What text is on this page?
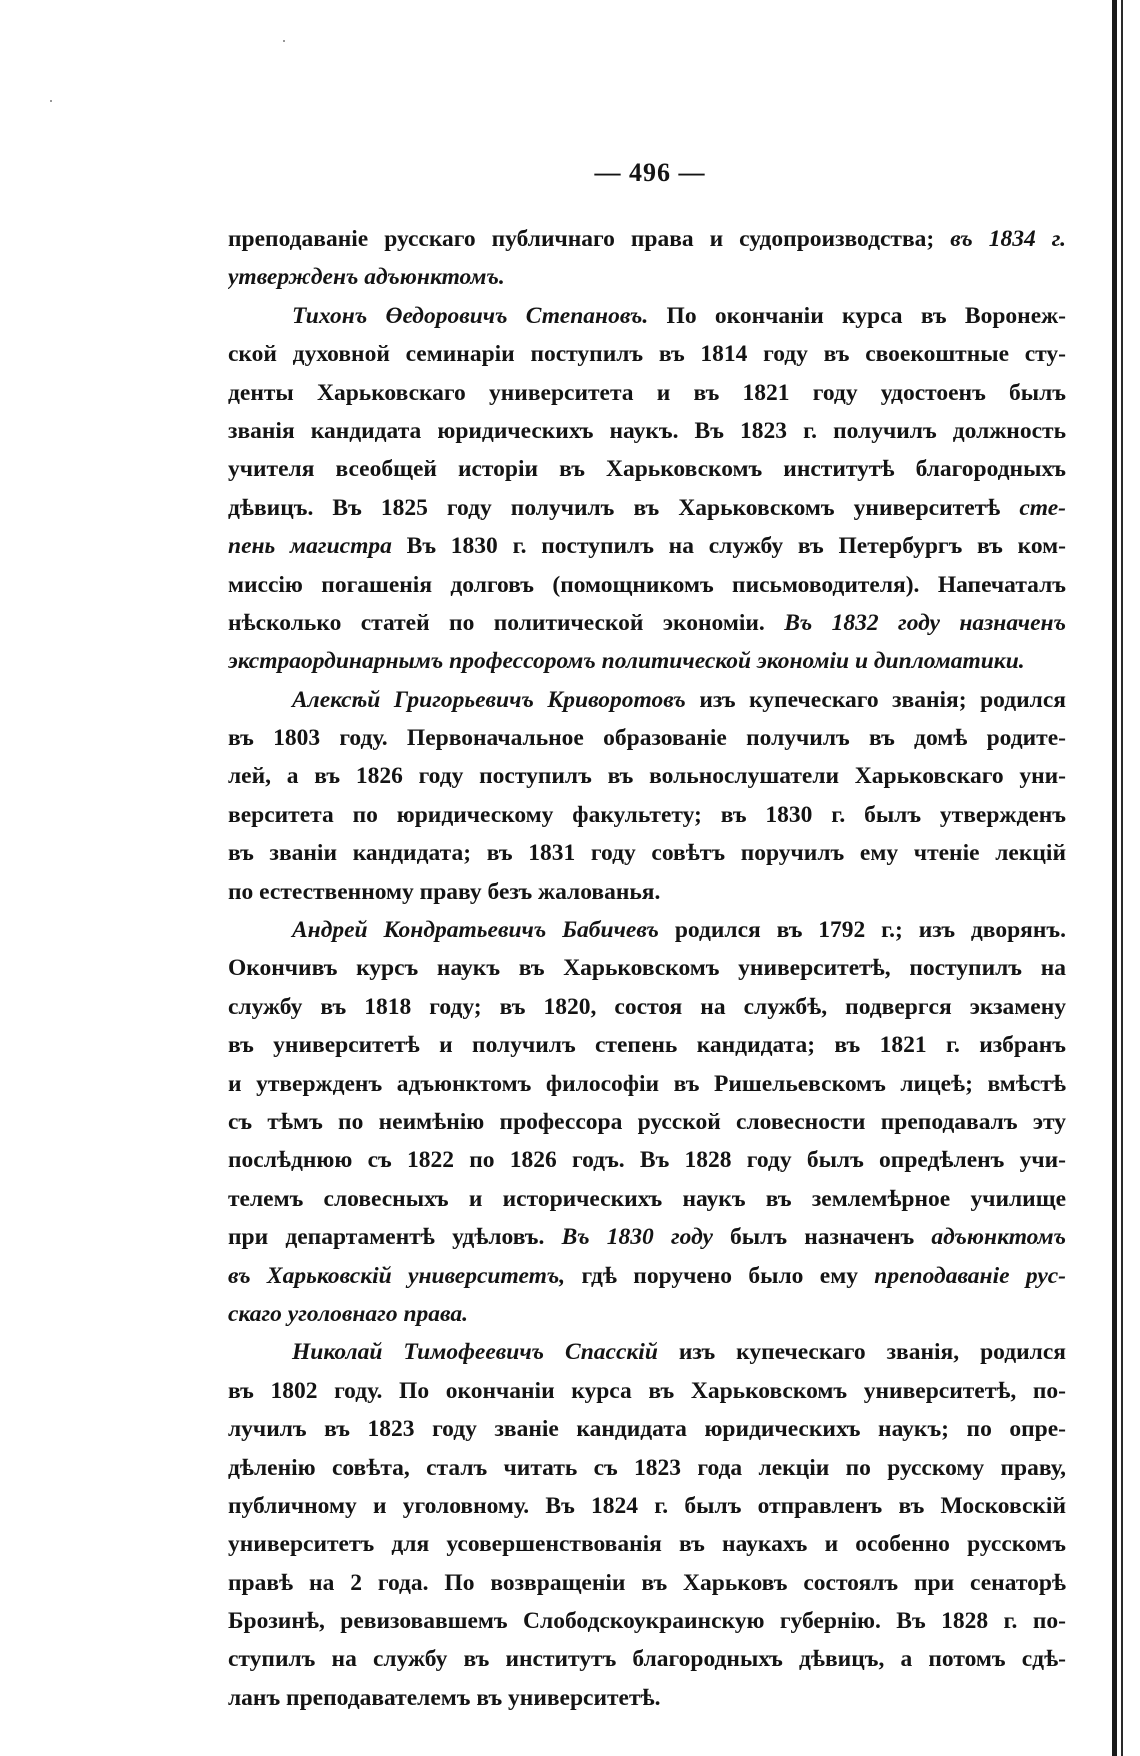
— 496 —
преподаванiе русскаго публичнаго права и судопроизводства; въ 1834 г.
утвержденъ адъюнктомъ.
Тихонъ Өедоровичъ Степановъ. По окончанiи курса въ Воронеж-
ской духовной семинарiи поступилъ въ 1814 году въ своекоштные сту-
денты Харьковскаго университета и въ 1821 году удостоенъ былъ
званiя кандидата юридическихъ наукъ. Въ 1823 г. получилъ должность
учителя всеобщей исторiи въ Харьковскомъ институтѣ благородныхъ
дѣвицъ. Въ 1825 году получилъ въ Харьковскомъ университетѣ сте-
пень магистра Въ 1830 г. поступилъ на службу въ Петербургъ въ ком-
миссiю погашенiя долговъ (помощникомъ письмоводителя). Напечаталъ
нѣсколько статей по политической экономiи. Въ 1832 году назначенъ
экстраординарнымъ профессоромъ политической экономiи и дипломатики.
Алексѣй Григорьевичъ Криворотовъ изъ купеческаго званiя; родился
въ 1803 году. Первоначальное образованiе получилъ въ домѣ родите-
лей, а въ 1826 году поступилъ въ вольнослушатели Харьковскаго уни-
верситета по юридическому факультету; въ 1830 г. былъ утвержденъ
въ званiи кандидата; въ 1831 году совѣтъ поручилъ ему чтенiе лекцiй
по естественному праву безъ жалованья.
Андрей Кондратьевичъ Бабичевъ родился въ 1792 г.; изъ дворянъ.
Окончивъ курсъ наукъ въ Харьковскомъ университетѣ, поступилъ на
службу въ 1818 году; въ 1820, состоя на службѣ, подвергся экзамену
въ университетѣ и получилъ степень кандидата; въ 1821 г. избранъ
и утвержденъ адъюнктомъ философiи въ Ришельевскомъ лицеѣ; вмѣстѣ
съ тѣмъ по неимѣнiю профессора русской словесности преподавалъ эту
послѣднюю съ 1822 по 1826 годъ. Въ 1828 году былъ опредѣленъ учи-
телемъ словесныхъ и историческихъ наукъ въ землемѣрное училище
при департаментѣ удѣловъ. Въ 1830 году былъ назначенъ адъюнктомъ
въ Харьковскiй университетъ, гдѣ поручено было ему преподаванiе рус-
скаго уголовнаго права.
Николай Тимофеевичъ Спасскiй изъ купеческаго званiя, родился
въ 1802 году. По окончанiи курса въ Харьковскомъ университетѣ, по-
лучилъ въ 1823 году званiе кандидата юридическихъ наукъ; по опре-
дѣленiю совѣта, сталъ читать съ 1823 года лекцiи по русскому праву,
публичному и уголовному. Въ 1824 г. былъ отправленъ въ Московскiй
университетъ для усовершенствованiя въ наукахъ и особенно русскомъ
правѣ на 2 года. По возвращенiи въ Харьковъ состоялъ при сенаторѣ
Брозинѣ, ревизовавшемъ Слободскоукраинскую губернiю. Въ 1828 г. по-
ступилъ на службу въ институтъ благородныхъ дѣвицъ, а потомъ сдѣ-
ланъ преподавателемъ въ университетѣ.
